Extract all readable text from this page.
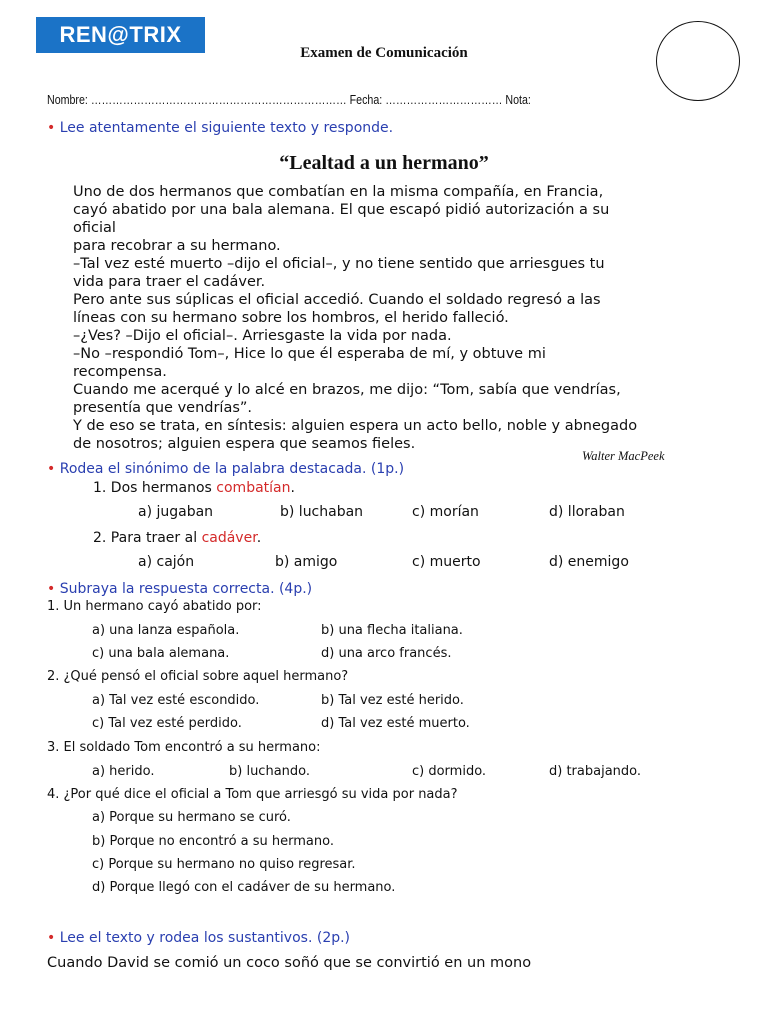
REN@TRIX
Examen de Comunicación
Nombre: ……………………………………………………………… Fecha: …………………………… Nota:
• Lee atentamente el siguiente texto y responde.
“Lealtad a un hermano”
Uno de dos hermanos que combatían en la misma compañía, en Francia,
cayó abatido por una bala alemana. El que escapó pidió autorización a su
oficial
para recobrar a su hermano.
–Tal vez esté muerto –dijo el oficial–, y no tiene sentido que arriesgues tu
vida para traer el cadáver.
Pero ante sus súplicas el oficial accedió. Cuando el soldado regresó a las
líneas con su hermano sobre los hombros, el herido falleció.
–¿Ves? –Dijo el oficial–. Arriesgaste la vida por nada.
–No –respondió Tom–, Hice lo que él esperaba de mí, y obtuve mi
recompensa.
Cuando me acerqué y lo alcé en brazos, me dijo: “Tom, sabía que vendrías,
presentía que vendrías”.
Y de eso se trata, en síntesis: alguien espera un acto bello, noble y abnegado
de nosotros; alguien espera que seamos fieles.
Walter MacPeek
• Rodea el sinónimo de la palabra destacada. (1p.)
1. Dos hermanos combatían.
a) jugaban	b) luchaban	c) morían	d) lloraban
2. Para traer al cadáver.
a) cajón	b) amigo	c) muerto	d) enemigo
• Subraya la respuesta correcta. (4p.)
1. Un hermano cayó abatido por:
a) una lanza española.	b) una flecha italiana.
c) una bala alemana.	d) una arco francés.
2. ¿Qué pensó el oficial sobre aquel hermano?
a) Tal vez esté escondido.	b) Tal vez esté herido.
c) Tal vez esté perdido.	d) Tal vez esté muerto.
3. El soldado Tom encontró a su hermano:
a) herido.	b) luchando.	c) dormido.	d) trabajando.
4. ¿Por qué dice el oficial a Tom que arriesgó su vida por nada?
a) Porque su hermano se curó.
b) Porque no encontró a su hermano.
c) Porque su hermano no quiso regresar.
d) Porque llegó con el cadáver de su hermano.
• Lee el texto y rodea los sustantivos. (2p.)
Cuando David se comió un coco soñó que se convirtió en un mono
